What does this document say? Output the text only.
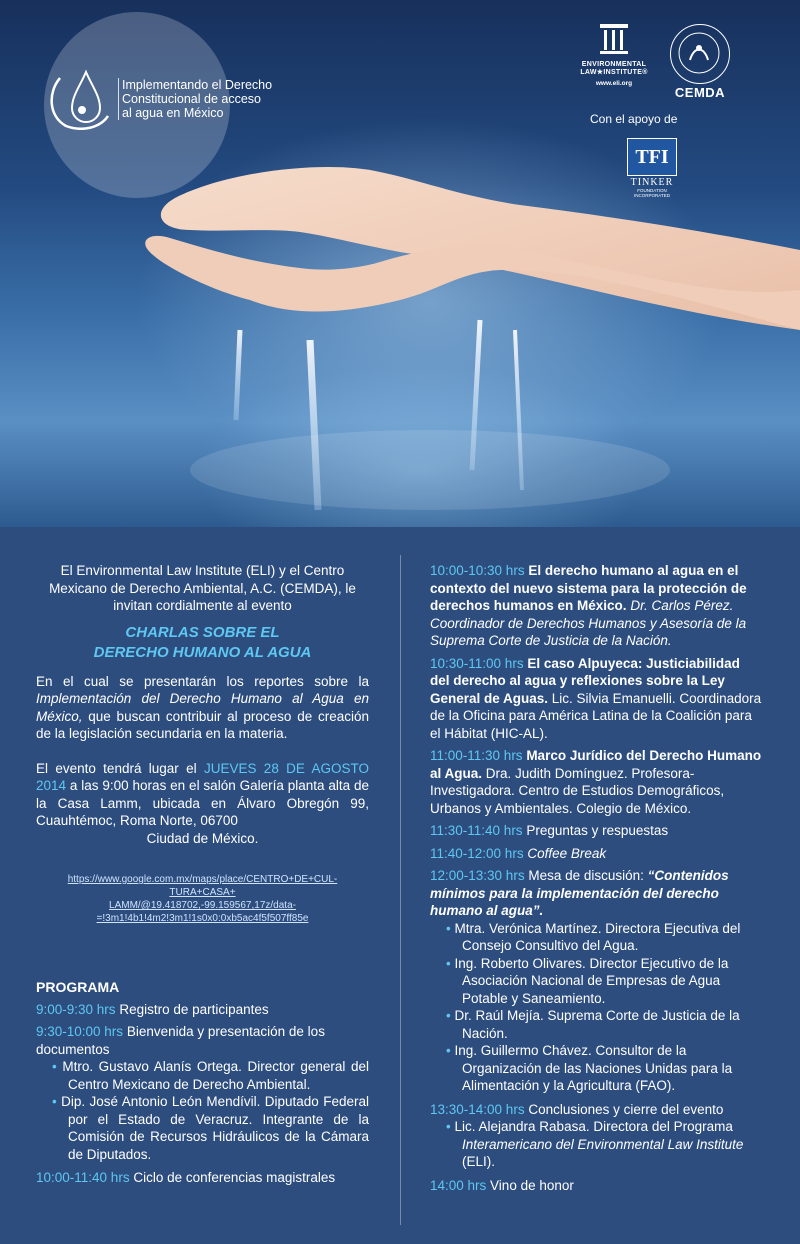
Implementando el Derecho
Constitucional de acceso
al agua en México
ENVIRONMENTAL
LAW★INSTITUTE®
www.eli.org
CEMDA
Con el apoyo de
TFI
TINKER
FOUNDATION
INCORPORATED

El Environmental Law Institute (ELI) y el Centro Mexicano de Derecho Ambiental, A.C. (CEMDA), le invitan cordialmente al evento

CHARLAS SOBRE EL
DERECHO HUMANO AL AGUA

En el cual se presentarán los reportes sobre la Implementación del Derecho Humano al Agua en México, que buscan contribuir al proceso de creación de la legislación secundaria en la materia.

El evento tendrá lugar el JUEVES 28 DE AGOSTO 2014 a las 9:00 horas en el salón Galería planta alta de la Casa Lamm, ubicada en Álvaro Obregón 99, Cuauhtémoc, Roma Norte, 06700

Ciudad de México.

https://www.google.com.mx/maps/place/CENTRO+DE+CUL-
TURA+CASA+
LAMM/@19.418702,-99.159567,17z/data-
=!3m1!4b1!4m2!3m1!1s0x0:0xb5ac4f5f507ff85e
PROGRAMA
9:00-9:30 hrs Registro de participantes
9:30-10:00 hrs Bienvenida y presentación de los documentos
• Mtro. Gustavo Alanís Ortega. Director general del Centro Mexicano de Derecho Ambiental.
• Dip. José Antonio León Mendívil. Diputado Federal por el Estado de Veracruz. Integrante de la Comisión de Recursos Hidráulicos de la Cámara de Diputados.
10:00-11:40 hrs Ciclo de conferencias magistrales
10:00-10:30 hrs El derecho humano al agua en el contexto del nuevo sistema para la protección de derechos humanos en México. Dr. Carlos Pérez. Coordinador de Derechos Humanos y Asesoría de la Suprema Corte de Justicia de la Nación.
10:30-11:00 hrs El caso Alpuyeca: Justiciabilidad del derecho al agua y reflexiones sobre la Ley General de Aguas. Lic. Silvia Emanuelli. Coordinadora de la Oficina para América Latina de la Coalición para el Hábitat (HIC-AL).
11:00-11:30 hrs Marco Jurídico del Derecho Humano al Agua. Dra. Judith Domínguez. Profesora-Investigadora. Centro de Estudios Demográficos, Urbanos y Ambientales. Colegio de México.
11:30-11:40 hrs Preguntas y respuestas
11:40-12:00 hrs Coffee Break
12:00-13:30 hrs Mesa de discusión: “Contenidos mínimos para la implementación del derecho humano al agua”.
• Mtra. Verónica Martínez. Directora Ejecutiva del Consejo Consultivo del Agua.
• Ing. Roberto Olivares. Director Ejecutivo de la Asociación Nacional de Empresas de Agua Potable y Saneamiento.
• Dr. Raúl Mejía. Suprema Corte de Justicia de la Nación.
• Ing. Guillermo Chávez. Consultor de la Organización de las Naciones Unidas para la Alimentación y la Agricultura (FAO).
13:30-14:00 hrs Conclusiones y cierre del evento
• Lic. Alejandra Rabasa. Directora del Programa Interamericano del Environmental Law Institute (ELI).
14:00 hrs Vino de honor
